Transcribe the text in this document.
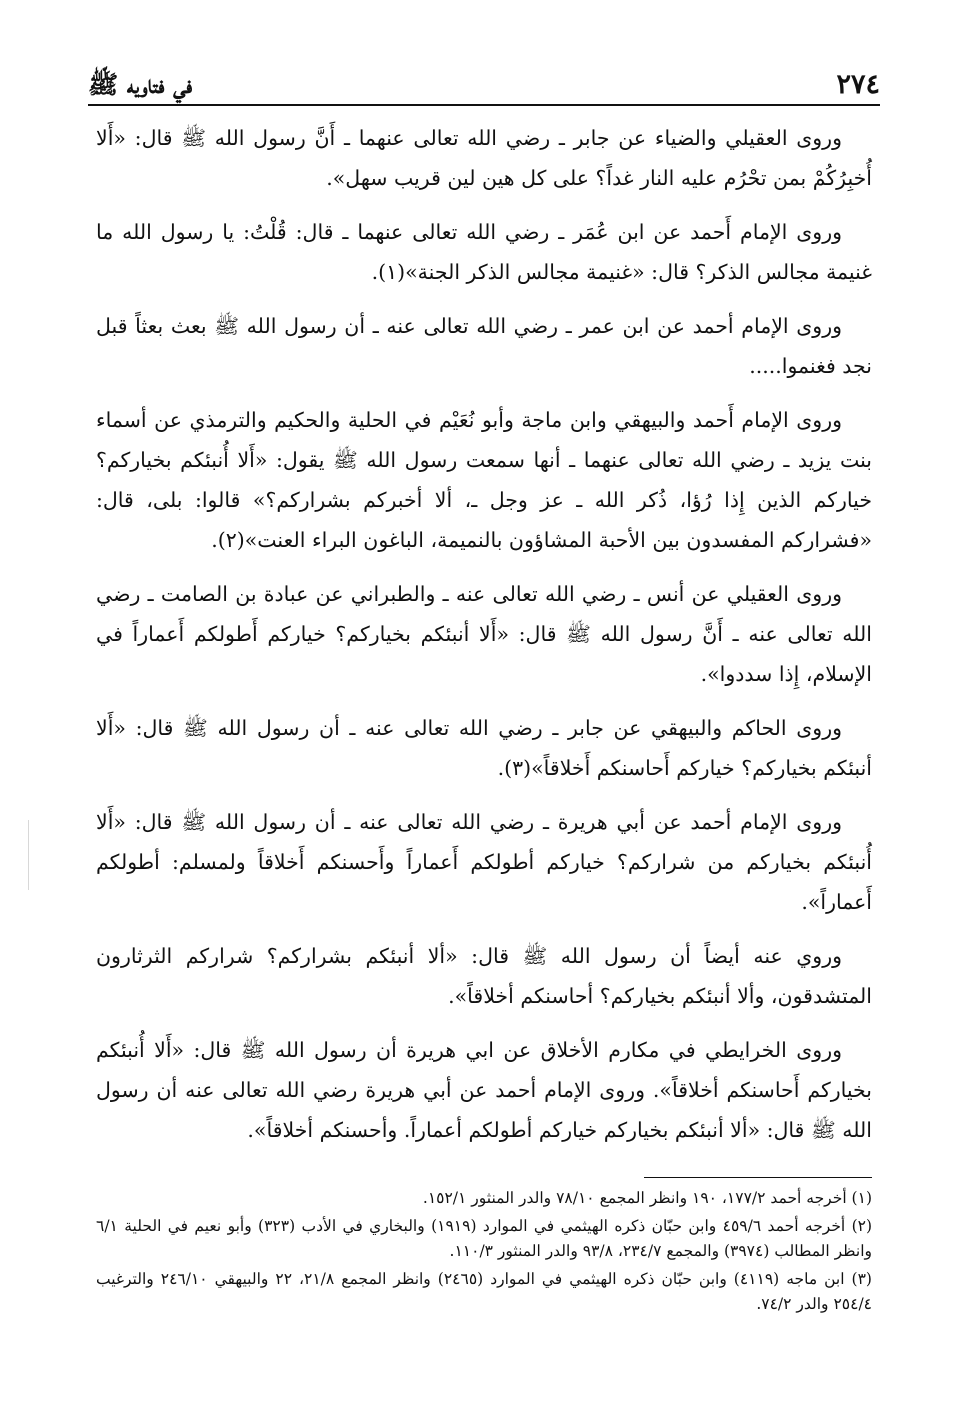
٢٧٤
في فتاويه ﷺ

وروى العقيلي والضياء عن جابر ـ رضي الله تعالى عنهما ـ أَنَّ رسول الله ﷺ قال: «أَلا أُخبِرُكُمْ بمن تحْرُم عليه النار غداً؟ على كل هين لين قريب سهل».

وروى الإمام أَحمد عن ابن عُمَر ـ رضي الله تعالى عنهما ـ قال: قُلْتُ: يا رسول الله ما غنيمة مجالس الذكر؟ قال: «غنيمة مجالس الذكر الجنة»(١).

وروى الإمام أحمد عن ابن عمر ـ رضي الله تعالى عنه ـ أن رسول الله ﷺ بعث بعثاً قبل نجد فغنموا.....

وروى الإمام أَحمد والبيهقي وابن ماجة وأبو نُعَيْم في الحلية والحكيم والترمذي عن أسماء بنت يزيد ـ رضي الله تعالى عنهما ـ أنها سمعت رسول الله ﷺ يقول: «أَلا أُنبئكم بخياركم؟ خياركم الذين إِذا رُؤا، ذُكر الله ـ عز وجل ـ، ألا أخبركم بشراركم؟» قالوا: بلى، قال: «فشراركم المفسدون بين الأحبة المشاؤون بالنميمة، الباغون البراء العنت»(٢).

وروى العقيلي عن أنس ـ رضي الله تعالى عنه ـ والطبراني عن عبادة بن الصامت ـ رضي الله تعالى عنه ـ أَنَّ رسول الله ﷺ قال: «أَلا أنبئكم بخياركم؟ خياركم أَطولكم أَعماراً في الإسلام، إِذا سددوا».

وروى الحاكم والبيهقي عن جابر ـ رضي الله تعالى عنه ـ أن رسول الله ﷺ قال: «أَلا أنبئكم بخياركم؟ خياركم أَحاسنكم أَخلاقاً»(٣).

وروى الإمام أحمد عن أبي هريرة ـ رضي الله تعالى عنه ـ أن رسول الله ﷺ قال: «أَلا أُنبئكم بخياركم من شراركم؟ خياركم أطولكم أَعماراً وأَحسنكم أَخلاقاً ولمسلم: أطولكم أَعماراً».

وروي عنه أيضاً أن رسول الله ﷺ قال: «ألا أنبئكم بشراركم؟ شراركم الثرثارون المتشدقون، وألا أنبئكم بخياركم؟ أحاسنكم أخلاقاً».

وروى الخرايطي في مكارم الأخلاق عن ابي هريرة أن رسول الله ﷺ قال: «أَلا أُنبئكم بخياركم أَحاسنكم أخلاقاً». وروى الإمام أحمد عن أبي هريرة رضي الله تعالى عنه أن رسول الله ﷺ قال: «ألا أنبئكم بخياركم خياركم أطولكم أعماراً. وأحسنكم أخلاقاً».

(١) أخرجه أحمد ١٧٧/٢، ١٩٠ وانظر المجمع ٧٨/١٠ والدر المنثور ١٥٢/١.

(٢) أخرجه أحمد ٤٥٩/٦ وابن حبّان ذكره الهيثمي في الموارد (١٩١٩) والبخاري في الأدب (٣٢٣) وأبو نعيم في الحلية ٦/١ وانظر المطالب (٣٩٧٤) والمجمع ٢٣٤/٧، ٩٣/٨ والدر المنثور ١١٠/٣.

(٣) ابن ماجه (٤١١٩) وابن حبّان ذكره الهيثمي في الموارد (٢٤٦٥) وانظر المجمع ٢١/٨، ٢٢ والبيهقي ٢٤٦/١٠ والترغيب ٢٥٤/٤ والدر ٧٤/٢.
